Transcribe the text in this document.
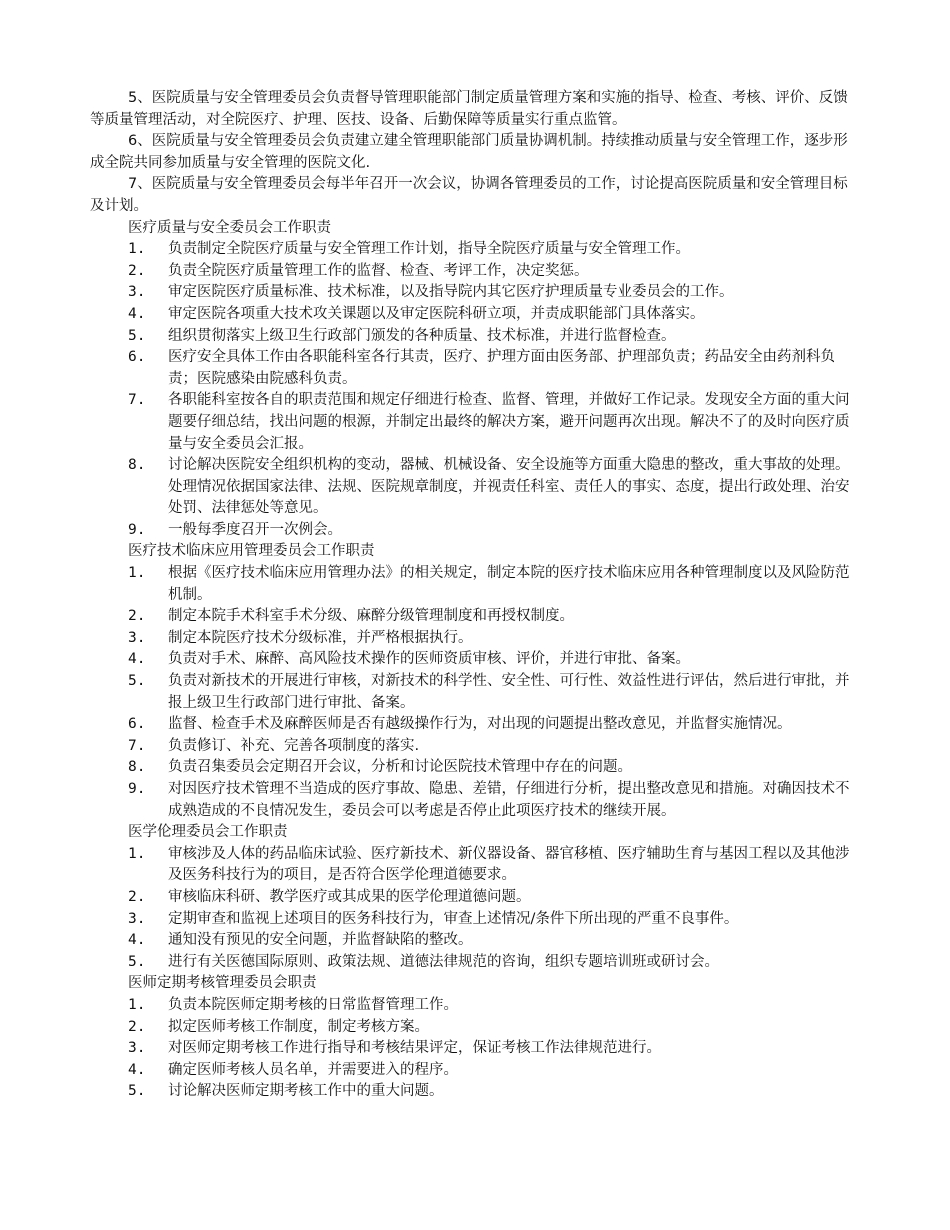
5、医院质量与安全管理委员会负责督导管理职能部门制定质量管理方案和实施的指导、检查、考核、评价、反馈等质量管理活动，对全院医疗、护理、医技、设备、后勤保障等质量实行重点监管。

6、医院质量与安全管理委员会负责建立建全管理职能部门质量协调机制。持续推动质量与安全管理工作，逐步形成全院共同参加质量与安全管理的医院文化.

7、医院质量与安全管理委员会每半年召开一次会议，协调各管理委员的工作，讨论提高医院质量和安全管理目标及计划。

医疗质量与安全委员会工作职责
1. 负责制定全院医疗质量与安全管理工作计划，指导全院医疗质量与安全管理工作。
2. 负责全院医疗质量管理工作的监督、检查、考评工作，决定奖惩。
3. 审定医院医疗质量标准、技术标准，以及指导院内其它医疗护理质量专业委员会的工作。
4. 审定医院各项重大技术攻关课题以及审定医院科研立项，并责成职能部门具体落实。
5. 组织贯彻落实上级卫生行政部门颁发的各种质量、技术标准，并进行监督检查。
6. 医疗安全具体工作由各职能科室各行其责，医疗、护理方面由医务部、护理部负责；药品安全由药剂科负责；医院感染由院感科负责。
7. 各职能科室按各自的职责范围和规定仔细进行检查、监督、管理，并做好工作记录。发现安全方面的重大问题要仔细总结，找出问题的根源，并制定出最终的解决方案，避开问题再次出现。解决不了的及时向医疗质量与安全委员会汇报。
8. 讨论解决医院安全组织机构的变动，器械、机械设备、安全设施等方面重大隐患的整改，重大事故的处理。处理情况依据国家法律、法规、医院规章制度，并视责任科室、责任人的事实、态度，提出行政处理、治安处罚、法律惩处等意见。
9. 一般每季度召开一次例会。
医疗技术临床应用管理委员会工作职责
1. 根据《医疗技术临床应用管理办法》的相关规定，制定本院的医疗技术临床应用各种管理制度以及风险防范机制。
2. 制定本院手术科室手术分级、麻醉分级管理制度和再授权制度。
3. 制定本院医疗技术分级标准，并严格根据执行。
4. 负责对手术、麻醉、高风险技术操作的医师资质审核、评价，并进行审批、备案。
5. 负责对新技术的开展进行审核，对新技术的科学性、安全性、可行性、效益性进行评估，然后进行审批，并报上级卫生行政部门进行审批、备案。
6. 监督、检查手术及麻醉医师是否有越级操作行为，对出现的问题提出整改意见，并监督实施情况。
7. 负责修订、补充、完善各项制度的落实.
8. 负责召集委员会定期召开会议，分析和讨论医院技术管理中存在的问题。
9. 对因医疗技术管理不当造成的医疗事故、隐患、差错，仔细进行分析，提出整改意见和措施。对确因技术不成熟造成的不良情况发生，委员会可以考虑是否停止此项医疗技术的继续开展。
医学伦理委员会工作职责
1. 审核涉及人体的药品临床试验、医疗新技术、新仪器设备、器官移植、医疗辅助生育与基因工程以及其他涉及医务科技行为的项目，是否符合医学伦理道德要求。
2. 审核临床科研、教学医疗或其成果的医学伦理道德问题。
3. 定期审查和监视上述项目的医务科技行为，审查上述情况/条件下所出现的严重不良事件。
4. 通知没有预见的安全问题，并监督缺陷的整改。
5. 进行有关医德国际原则、政策法规、道德法律规范的咨询，组织专题培训班或研讨会。
医师定期考核管理委员会职责
1. 负责本院医师定期考核的日常监督管理工作。
2. 拟定医师考核工作制度，制定考核方案。
3. 对医师定期考核工作进行指导和考核结果评定，保证考核工作法律规范进行。
4. 确定医师考核人员名单，并需要进入的程序。
5. 讨论解决医师定期考核工作中的重大问题。
